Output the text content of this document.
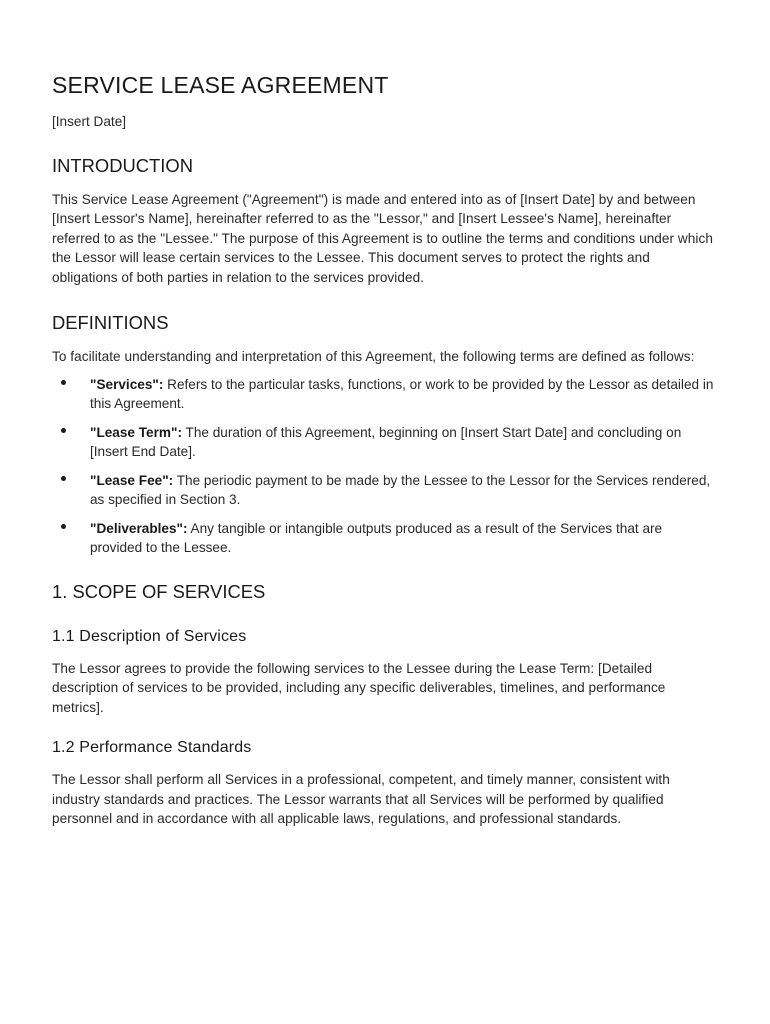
SERVICE LEASE AGREEMENT
[Insert Date]
INTRODUCTION

This Service Lease Agreement ("Agreement") is made and entered into as of [Insert Date] by and between [Insert Lessor's Name], hereinafter referred to as the "Lessor," and [Insert Lessee's Name], hereinafter referred to as the "Lessee." The purpose of this Agreement is to outline the terms and conditions under which the Lessor will lease certain services to the Lessee. This document serves to protect the rights and obligations of both parties in relation to the services provided.

DEFINITIONS

To facilitate understanding and interpretation of this Agreement, the following terms are defined as follows:

"Services": Refers to the particular tasks, functions, or work to be provided by the Lessor as detailed in this Agreement.
"Lease Term": The duration of this Agreement, beginning on [Insert Start Date] and concluding on [Insert End Date].
"Lease Fee": The periodic payment to be made by the Lessee to the Lessor for the Services rendered, as specified in Section 3.
"Deliverables": Any tangible or intangible outputs produced as a result of the Services that are provided to the Lessee.
1. SCOPE OF SERVICES
1.1 Description of Services

The Lessor agrees to provide the following services to the Lessee during the Lease Term: [Detailed description of services to be provided, including any specific deliverables, timelines, and performance metrics].

1.2 Performance Standards

The Lessor shall perform all Services in a professional, competent, and timely manner, consistent with industry standards and practices. The Lessor warrants that all Services will be performed by qualified personnel and in accordance with all applicable laws, regulations, and professional standards.
